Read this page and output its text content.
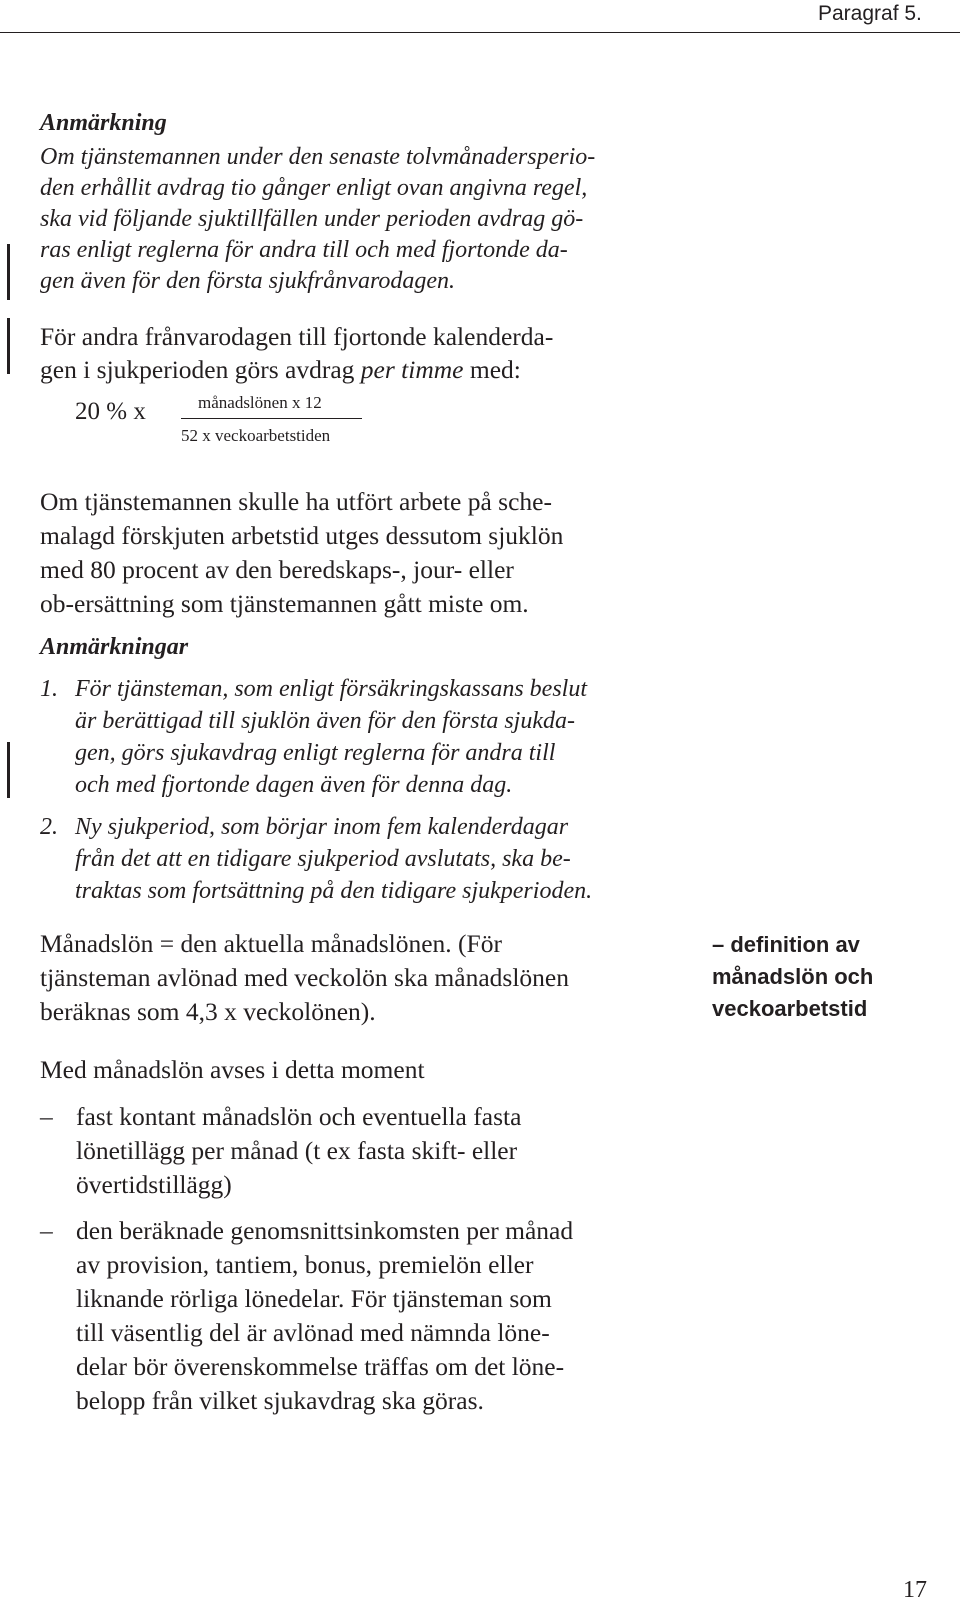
Paragraf 5.
Anmärkning
Om tjänstemannen under den senaste tolvmånadersperio-
den erhållit avdrag tio gånger enligt ovan angivna regel,
ska vid följande sjuktillfällen under perioden avdrag gö-
ras enligt reglerna för andra till och med fjortonde da-
gen även för den första sjukfrånvarodagen.
För andra frånvarodagen till fjortonde kalenderda-
gen i sjukperioden görs avdrag per timme med:
20 % x	månadslönen x 12
52 x veckoarbetstiden
Om tjänstemannen skulle ha utfört arbete på sche-
malagd förskjuten arbetstid utges dessutom sjuklön
med 80 procent av den beredskaps-, jour- eller
ob-ersättning som tjänstemannen gått miste om.
Anmärkningar
1. För tjänsteman, som enligt försäkringskassans beslut
är berättigad till sjuklön även för den första sjukda-
gen, görs sjukavdrag enligt reglerna för andra till
och med fjortonde dagen även för denna dag.
2. Ny sjukperiod, som börjar inom fem kalenderdagar
från det att en tidigare sjukperiod avslutats, ska be-
traktas som fortsättning på den tidigare sjukperioden.
Månadslön = den aktuella månadslönen. (För
tjänsteman avlönad med veckolön ska månadslönen
beräknas som 4,3 x veckolönen).
– definition av
månadslön och
veckoarbetstid
Med månadslön avses i detta moment
– fast kontant månadslön och eventuella fasta
lönetillägg per månad (t ex fasta skift- eller
övertidstillägg)
– den beräknade genomsnittsinkomsten per månad
av provision, tantiem, bonus, premielön eller
liknande rörliga lönedelar. För tjänsteman som
till väsentlig del är avlönad med nämnda löne-
delar bör överenskommelse träffas om det löne-
belopp från vilket sjukavdrag ska göras.
17
